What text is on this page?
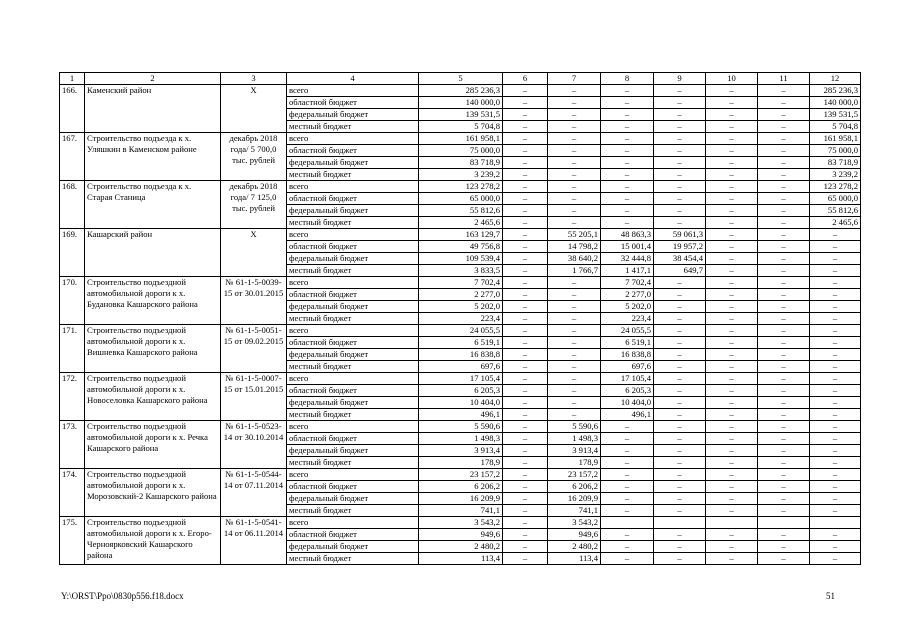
1	2	3	4	5	6	7	8	9	10	11	12
166.	Каменский район	Х	всего	285 236,3	–	–	–	–	–	–	285 236,3
			областной бюджет	140 000,0	–	–	–	–	–	–	140 000,0
			федеральный бюджет	139 531,5	–	–	–	–	–	–	139 531,5
			местный бюджет	5 704,8	–	–	–	–	–	–	5 704,8
167.	Строительство подъезда к х. Уляшкин в Каменском районе	декабрь 2018 года/ 5 700,0 тыс. рублей	всего	161 958,1	–	–	–	–	–	–	161 958,1
			областной бюджет	75 000,0	–	–	–	–	–	–	75 000,0
			федеральный бюджет	83 718,9	–	–	–	–	–	–	83 718,9
			местный бюджет	3 239,2	–	–	–	–	–	–	3 239,2
168.	Строительство подъезда к х. Старая Станица	декабрь 2018 года/ 7 125,0 тыс. рублей	всего	123 278,2	–	–	–	–	–	–	123 278,2
			областной бюджет	65 000,0	–	–	–	–	–	–	65 000,0
			федеральный бюджет	55 812,6	–	–	–	–	–	–	55 812,6
			местный бюджет	2 465,6	–	–	–	–	–	–	2 465,6
169.	Кашарский район	Х	всего	163 129,7	–	55 205,1	48 863,3	59 061,3	–	–	–
			областной бюджет	49 756,8	–	14 798,2	15 001,4	19 957,2	–	–	–
			федеральный бюджет	109 539,4	–	38 640,2	32 444,8	38 454,4	–	–	–
			местный бюджет	3 833,5	–	1 766,7	1 417,1	649,7	–	–	–
170.	Строительство подъездной автомобильной дороги к х. Будановка Кашарского района	№ 61-1-5-0039-15 от 30.01.2015	всего	7 702,4	–	–	7 702,4	–	–	–	–
			областной бюджет	2 277,0	–	–	2 277,0	–	–	–	–
			федеральный бюджет	5 202,0	–	–	5 202,0	–	–	–	–
			местный бюджет	223,4	–	–	223,4	–	–	–	–
171.	Строительство подъездной автомобильной дороги к х. Вишневка Кашарского района	№ 61-1-5-0051-15 от 09.02.2015	всего	24 055,5	–	–	24 055,5	–	–	–	–
			областной бюджет	6 519,1	–	–	6 519,1	–	–	–	–
			федеральный бюджет	16 838,8	–	–	16 838,8	–	–	–	–
			местный бюджет	697,6	–	–	697,6	–	–	–	–
172.	Строительство подъездной автомобильной дороги к х. Новоселовка Кашарского района	№ 61-1-5-0007-15 от 15.01.2015	всего	17 105,4	–	–	17 105,4	–	–	–	–
			областной бюджет	6 205,3	–	–	6 205,3	–	–	–	–
			федеральный бюджет	10 404,0	–	–	10 404,0	–	–	–	–
			местный бюджет	496,1	–	–	496,1	–	–	–	–
173.	Строительство подъездной автомобильной дороги к х. Речка Кашарского района	№ 61-1-5-0523-14 от 30.10.2014	всего	5 590,6	–	5 590,6	–	–	–	–	–
			областной бюджет	1 498,3	–	1 498,3	–	–	–	–	–
			федеральный бюджет	3 913,4	–	3 913,4	–	–	–	–	–
			местный бюджет	178,9	–	178,9	–	–	–	–	–
174.	Строительство подъездной автомобильной дороги к х. Морозовский-2 Кашарского района	№ 61-1-5-0544-14 от 07.11.2014	всего	23 157,2	–	23 157,2	–	–	–	–	–
			областной бюджет	6 206,2	–	6 206,2	–	–	–	–	–
			федеральный бюджет	16 209,9	–	16 209,9	–	–	–	–	–
			местный бюджет	741,1	–	741,1	–	–	–	–	–
175.	Строительство подъездной автомобильной дороги к х. Егоро-Черноярковский Кашарского района	№ 61-1-5-0541-14 от 06.11.2014	всего	3 543,2	–	3 543,2					
			областной бюджет	949,6	–	949,6	–	–	–	–	–
			федеральный бюджет	2 480,2	–	2 480,2	–	–	–	–	–
			местный бюджет	113,4	–	113,4	–	–	–	–	–
Y:\ORST\Ppo\0830p556.f18.docx	51
